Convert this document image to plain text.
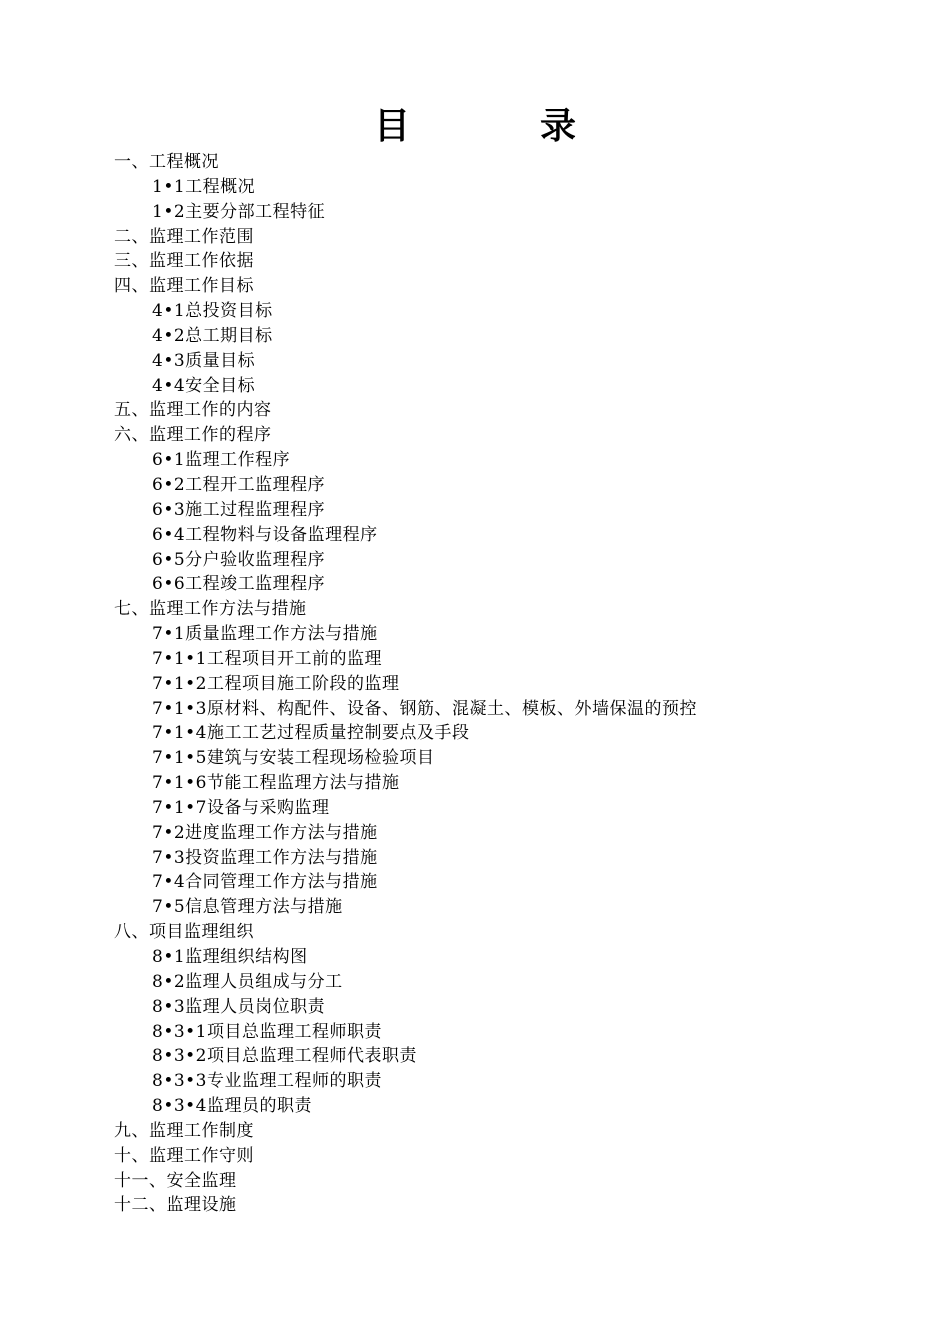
目	录
一、工程概况
1•1工程概况
1•2主要分部工程特征
二、监理工作范围
三、监理工作依据
四、监理工作目标
4•1总投资目标
4•2总工期目标
4•3质量目标
4•4安全目标
五、监理工作的内容
六、监理工作的程序
6•1监理工作程序
6•2工程开工监理程序
6•3施工过程监理程序
6•4工程物料与设备监理程序
6•5分户验收监理程序
6•6工程竣工监理程序
七、监理工作方法与措施
7•1质量监理工作方法与措施
7•1•1工程项目开工前的监理
7•1•2工程项目施工阶段的监理
7•1•3原材料、构配件、设备、钢筋、混凝土、模板、外墙保温的预控
7•1•4施工工艺过程质量控制要点及手段
7•1•5建筑与安装工程现场检验项目
7•1•6节能工程监理方法与措施
7•1•7设备与采购监理
7•2进度监理工作方法与措施
7•3投资监理工作方法与措施
7•4合同管理工作方法与措施
7•5信息管理方法与措施
八、项目监理组织
8•1监理组织结构图
8•2监理人员组成与分工
8•3监理人员岗位职责
8•3•1项目总监理工程师职责
8•3•2项目总监理工程师代表职责
8•3•3专业监理工程师的职责
8•3•4监理员的职责
九、监理工作制度
十、监理工作守则
十一、安全监理
十二、监理设施
